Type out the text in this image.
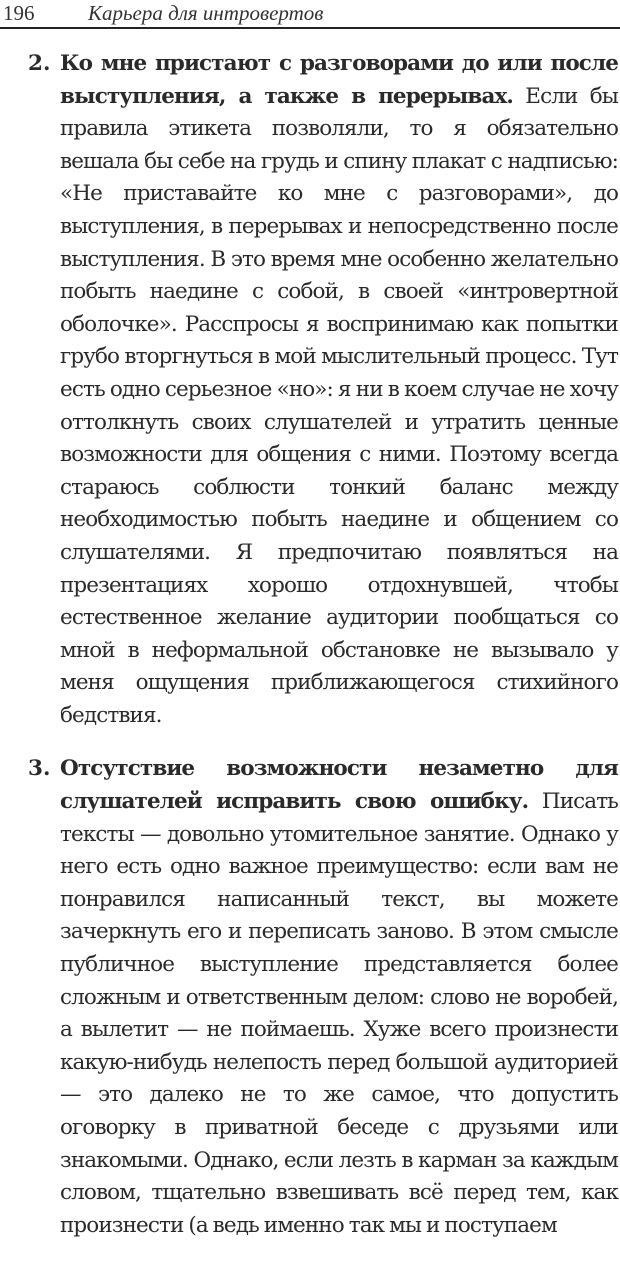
196	Карьера для интровертов
2. Ко мне пристают с разговорами до или после выступления, а также в перерывах. Если бы правила этикета позволяли, то я обязательно вешала бы себе на грудь и спину плакат с надписью: «Не приставайте ко мне с разговорами», до выступления, в перерывах и непосредственно после выступления. В это время мне особенно желательно побыть наедине с собой, в своей «интровертной оболочке». Расспросы я воспринимаю как попытки грубо вторгнуться в мой мыслительный процесс. Тут есть одно серьезное «но»: я ни в коем случае не хочу оттолкнуть своих слушателей и утратить ценные возможности для общения с ними. Поэтому всегда стараюсь соблюсти тонкий баланс между необходимостью побыть наедине и общением со слушателями. Я предпочитаю появляться на презентациях хорошо отдохнувшей, чтобы естественное желание аудитории пообщаться со мной в неформальной обстановке не вызывало у меня ощущения приближающегося стихийного бедствия.

3. Отсутствие возможности незаметно для слушателей исправить свою ошибку. Писать тексты — довольно утомительное занятие. Однако у него есть одно важное преимущество: если вам не понравился написанный текст, вы можете зачеркнуть его и переписать заново. В этом смысле публичное выступление представляется более сложным и ответственным делом: слово не воробей, а вылетит — не поймаешь. Хуже всего произнести какую-нибудь нелепость перед большой аудиторией — это далеко не то же самое, что допустить оговорку в приватной беседе с друзьями или знакомыми. Однако, если лезть в карман за каждым словом, тщательно взвешивать всё перед тем, как произнести (а ведь именно так мы и поступаем
